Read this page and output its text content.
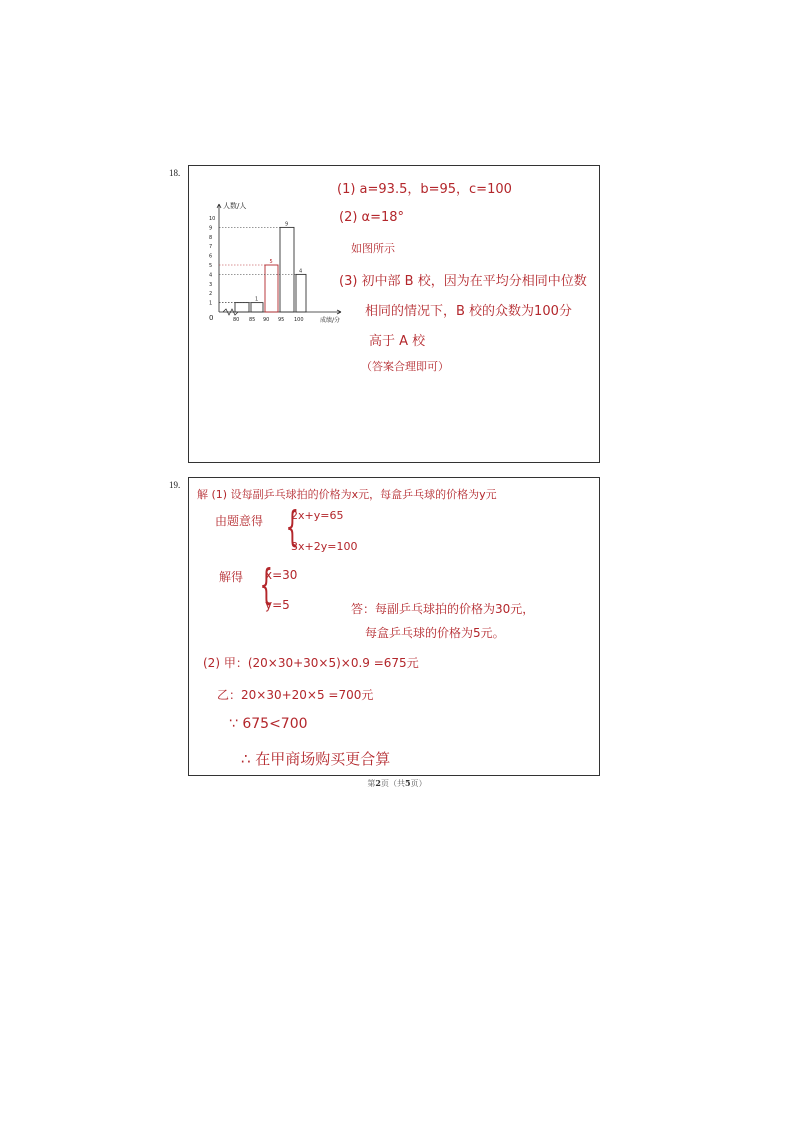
18.
人数/人
成绩/分
0
10
9
8
7
6
5
4
3
2
1
80 85 90 95 100
1
5
9
4
(1) a=93.5，b=95，c=100
(2) α=18°
如图所示
(3) 初中部 B 校，因为在平均分相同中位数
相同的情况下，B 校的众数为100分
高于 A 校
（答案合理即可）
19.
解 (1) 设每副乒乓球拍的价格为x元，每盒乒乓球的价格为y元
由题意得 {
2x+y=65
3x+2y=100
解得 {
x=30
y=5	答：每副乒乓球拍的价格为30元，
每盒乒乓球的价格为5元。
(2) 甲：(20×30+30×5)×0.9 =675元
乙：20×30+20×5 =700元
∵ 675<700
∴ 在甲商场购买更合算
第2页（共5页）
